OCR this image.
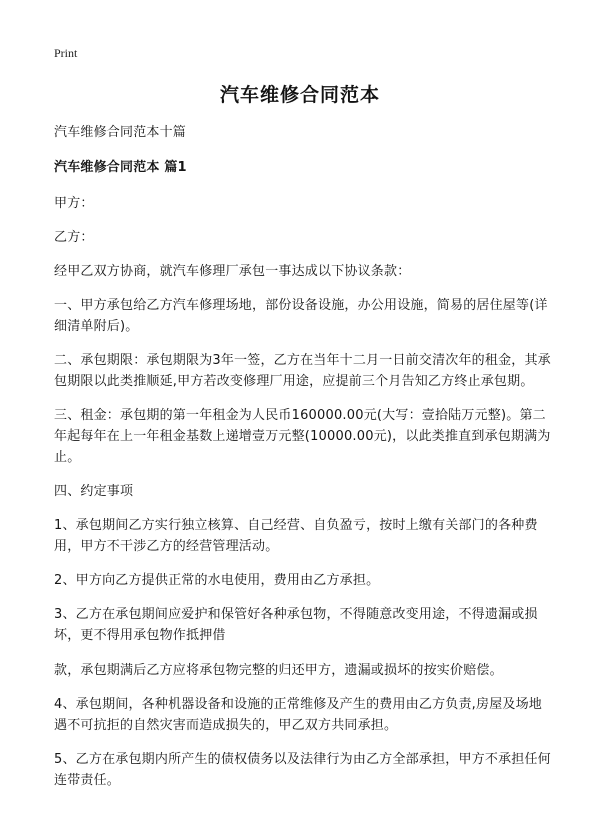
Print
汽车维修合同范本

汽车维修合同范本十篇

汽车维修合同范本 篇1

甲方：

乙方：

经甲乙双方协商，就汽车修理厂承包一事达成以下协议条款：

一、甲方承包给乙方汽车修理场地，部份设备设施，办公用设施，简易的居住屋等(详细清单附后)。

二、承包期限：承包期限为3年一签，乙方在当年十二月一日前交清次年的租金，其承包期限以此类推顺延,甲方若改变修理厂用途，应提前三个月告知乙方终止承包期。

三、租金：承包期的第一年租金为人民币160000.00元(大写：壹拾陆万元整)。第二年起每年在上一年租金基数上递增壹万元整(10000.00元)，以此类推直到承包期满为止。

四、约定事项

1、承包期间乙方实行独立核算、自己经营、自负盈亏，按时上缴有关部门的各种费用，甲方不干涉乙方的经营管理活动。

2、甲方向乙方提供正常的水电使用，费用由乙方承担。

3、乙方在承包期间应爱护和保管好各种承包物，不得随意改变用途，不得遗漏或损坏，更不得用承包物作抵押借

款，承包期满后乙方应将承包物完整的归还甲方，遗漏或损坏的按实价赔偿。

4、承包期间，各种机器设备和设施的正常维修及产生的费用由乙方负责,房屋及场地遇不可抗拒的自然灾害而造成损失的，甲乙双方共同承担。

5、乙方在承包期内所产生的债权债务以及法律行为由乙方全部承担，甲方不承担任何连带责任。
